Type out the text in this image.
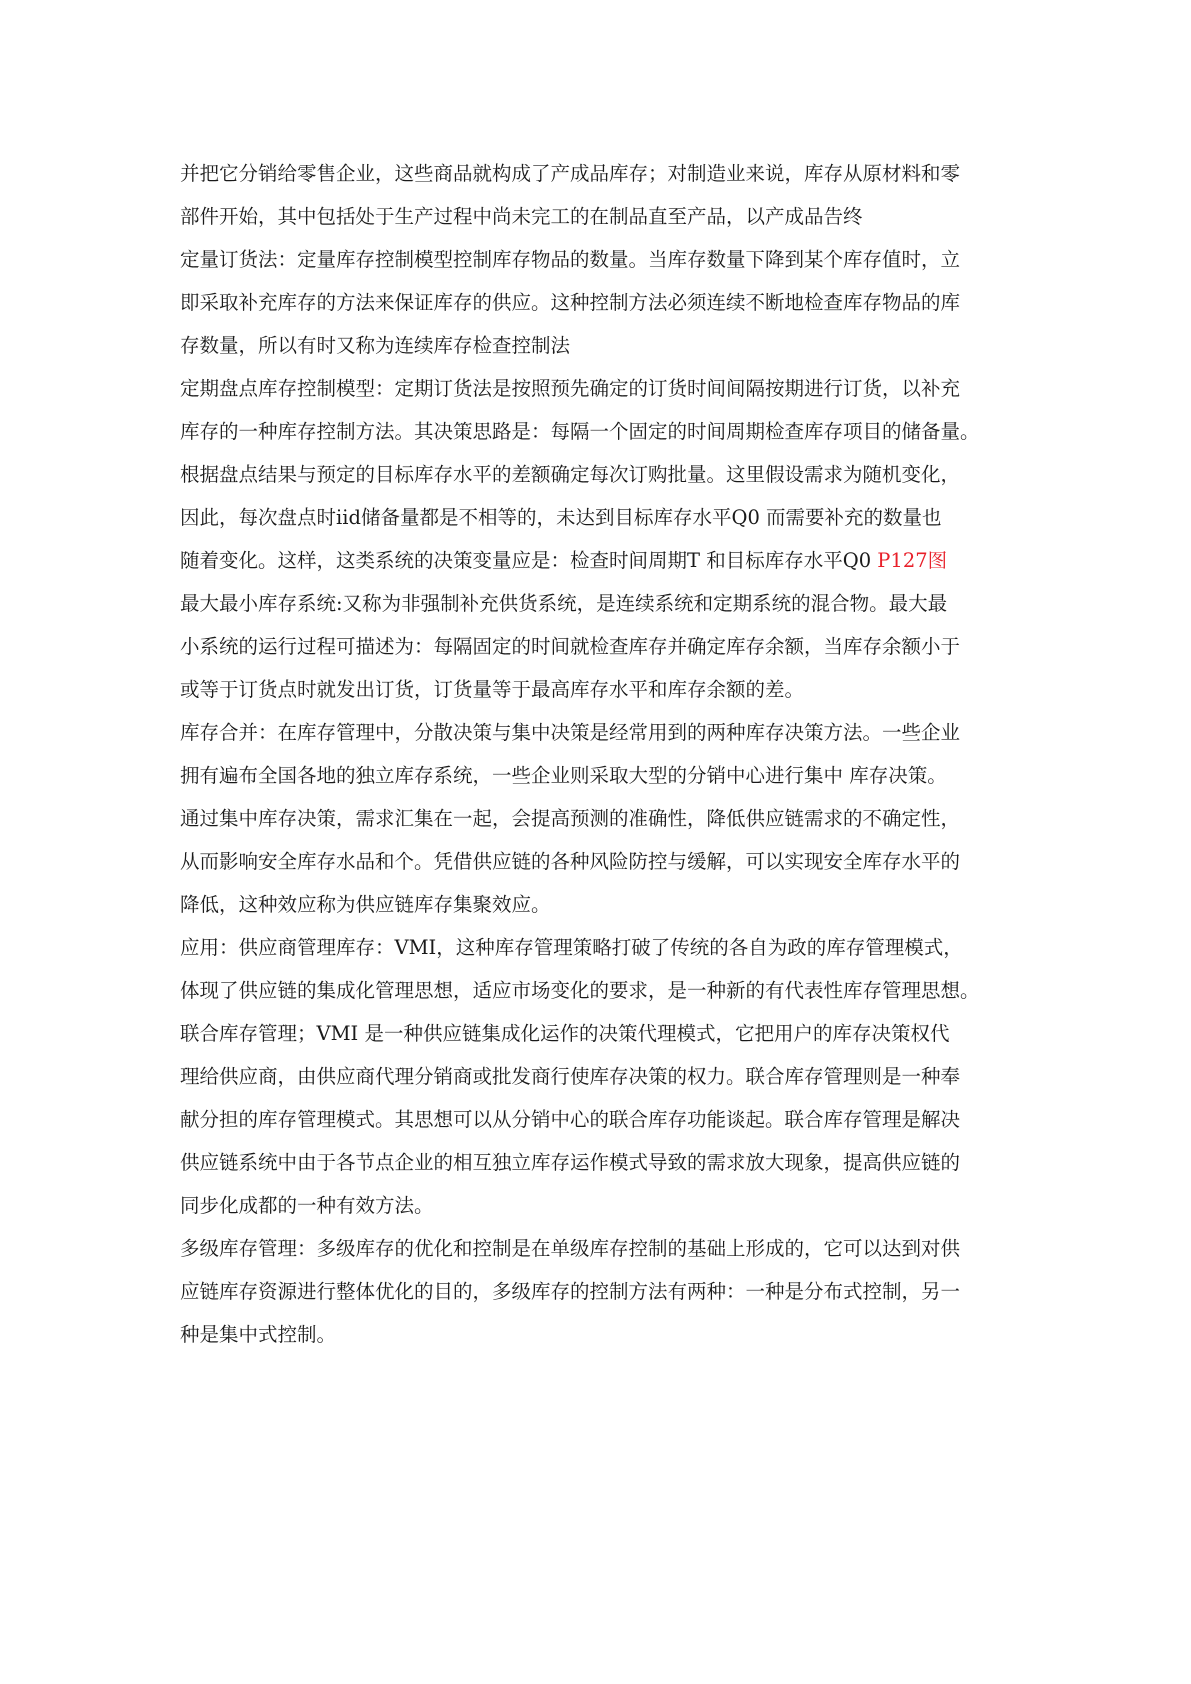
并把它分销给零售企业，这些商品就构成了产成品库存；对制造业来说，库存从原材料和零
部件开始，其中包括处于生产过程中尚未完工的在制品直至产品，以产成品告终
定量订货法：定量库存控制模型控制库存物品的数量。当库存数量下降到某个库存值时，立
即采取补充库存的方法来保证库存的供应。这种控制方法必须连续不断地检查库存物品的库
存数量，所以有时又称为连续库存检查控制法
定期盘点库存控制模型：定期订货法是按照预先确定的订货时间间隔按期进行订货，以补充
库存的一种库存控制方法。其决策思路是：每隔一个固定的时间周期检查库存项目的储备量。
根据盘点结果与预定的目标库存水平的差额确定每次订购批量。这里假设需求为随机变化，
因此，每次盘点时iid储备量都是不相等的，未达到目标库存水平Q0 而需要补充的数量也
随着变化。这样，这类系统的决策变量应是：检查时间周期T 和目标库存水平Q0 P127图
最大最小库存系统:又称为非强制补充供货系统，是连续系统和定期系统的混合物。最大最
小系统的运行过程可描述为：每隔固定的时间就检查库存并确定库存余额，当库存余额小于
或等于订货点时就发出订货，订货量等于最高库存水平和库存余额的差。
库存合并：在库存管理中，分散决策与集中决策是经常用到的两种库存决策方法。一些企业
拥有遍布全国各地的独立库存系统，一些企业则采取大型的分销中心进行集中 库存决策。
通过集中库存决策，需求汇集在一起，会提高预测的准确性，降低供应链需求的不确定性，
从而影响安全库存水品和个。凭借供应链的各种风险防控与缓解，可以实现安全库存水平的
降低，这种效应称为供应链库存集聚效应。
应用：供应商管理库存：VMI，这种库存管理策略打破了传统的各自为政的库存管理模式，
体现了供应链的集成化管理思想，适应市场变化的要求，是一种新的有代表性库存管理思想。
联合库存管理；VMI 是一种供应链集成化运作的决策代理模式，它把用户的库存决策权代
理给供应商，由供应商代理分销商或批发商行使库存决策的权力。联合库存管理则是一种奉
献分担的库存管理模式。其思想可以从分销中心的联合库存功能谈起。联合库存管理是解决
供应链系统中由于各节点企业的相互独立库存运作模式导致的需求放大现象，提高供应链的
同步化成都的一种有效方法。
多级库存管理：多级库存的优化和控制是在单级库存控制的基础上形成的，它可以达到对供
应链库存资源进行整体优化的目的，多级库存的控制方法有两种：一种是分布式控制，另一
种是集中式控制。
